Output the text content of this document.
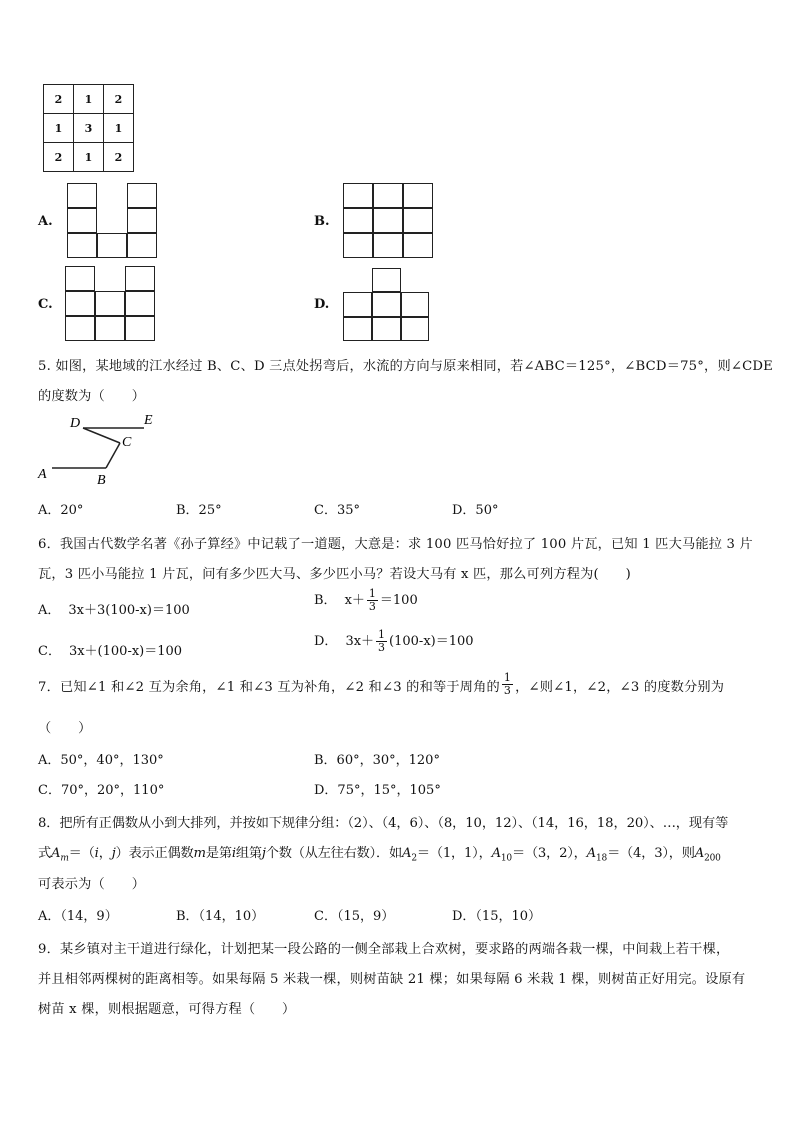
2	1	2
1	3	1
2	1	2
A.	B.
C.	D.
5. 如图，某地域的江水经过 B、C、D 三点处拐弯后，水流的方向与原来相同，若∠ABC＝125°，∠BCD＝75°，则∠CDE
的度数为（　　）
D	E
C
A	B
A．20°	B．25°	C．35°	D．50°
6．我国古代数学名著《孙子算经》中记载了一道题，大意是：求 100 匹马恰好拉了 100 片瓦，已知 1 匹大马能拉 3 片
瓦，3 匹小马能拉 1 片瓦，问有多少匹大马、多少匹小马？若设大马有 x 匹，那么可列方程为(　　)
A． 3x＋3(100-x)＝100
B． $x+ \frac{1}{3} =100$
C． 3x＋(100-x)＝100
D． $3x+ \frac{1}{3} (100-x)=100$
7．已知∠1 和∠2 互为余角，∠1 和∠3 互为补角，∠2 和∠3 的和等于周角的 $\frac{1}{3}$ ，∠则∠1，∠2，∠3 的度数分别为
（　　）
A．50°，40°，130°	B．60°，30°，120°
C．70°，20°，110°	D．75°，15°，105°
8．把所有正偶数从小到大排列，并按如下规律分组：（2）、（4，6）、（8，10，12）、（14，16，18，20）、…，现有等
式$A_m=(i$，j）表示正偶数m是第i组第j个数（从左往右数）．如$A_2=(1$，1），$A_{10}=(3$，2），$A_{18}=(4$，3），则$A_{200}$
可表示为（　　）
A．（14，9）	B．（14，10）	C．（15，9）	D．（15，10）
9．某乡镇对主干道进行绿化，计划把某一段公路的一侧全部栽上合欢树，要求路的两端各栽一棵，中间栽上若干棵，
并且相邻两棵树的距离相等。如果每隔 5 米栽一棵，则树苗缺 21 棵；如果每隔 6 米栽 1 棵，则树苗正好用完。设原有
树苗 x 棵，则根据题意，可得方程（　　）
